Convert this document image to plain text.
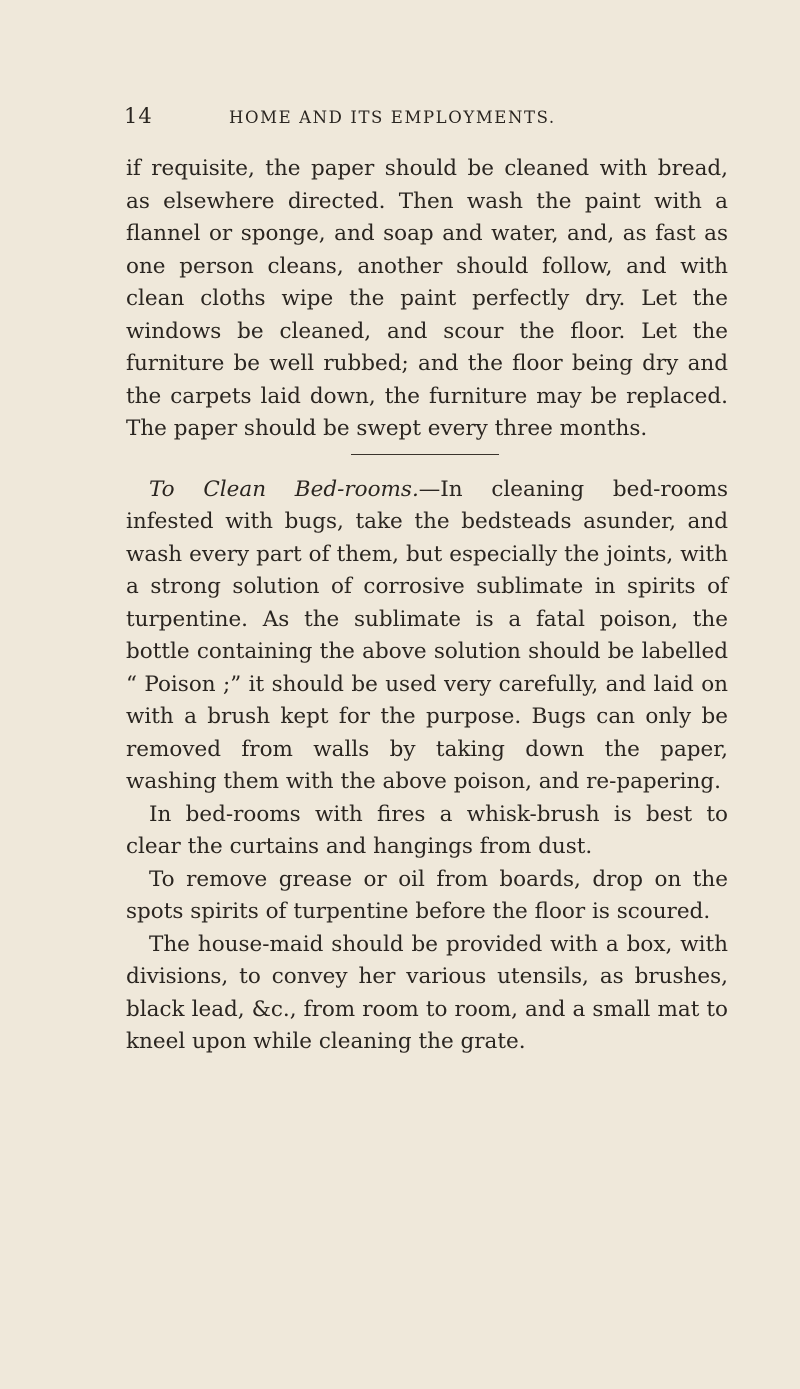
14	HOME AND ITS EMPLOYMENTS.

if requisite, the paper should be cleaned with bread, as elsewhere directed. Then wash the paint with a flannel or sponge, and soap and water, and, as fast as one person cleans, another should follow, and with clean cloths wipe the paint perfectly dry. Let the windows be cleaned, and scour the floor. Let the furniture be well rubbed; and the floor being dry and the carpets laid down, the furniture may be replaced. The paper should be swept every three months.

To Clean Bed-rooms.—In cleaning bed-rooms infested with bugs, take the bedsteads asunder, and wash every part of them, but especially the joints, with a strong solution of corrosive sublimate in spirits of turpentine. As the sublimate is a fatal poison, the bottle containing the above solution should be labelled “ Poison ;” it should be used very carefully, and laid on with a brush kept for the purpose. Bugs can only be removed from walls by taking down the paper, washing them with the above poison, and re-papering.

In bed-rooms with fires a whisk-brush is best to clear the curtains and hangings from dust.

To remove grease or oil from boards, drop on the spots spirits of turpentine before the floor is scoured.

The house-maid should be provided with a box, with divisions, to convey her various utensils, as brushes, black lead, &c., from room to room, and a small mat to kneel upon while cleaning the grate.
